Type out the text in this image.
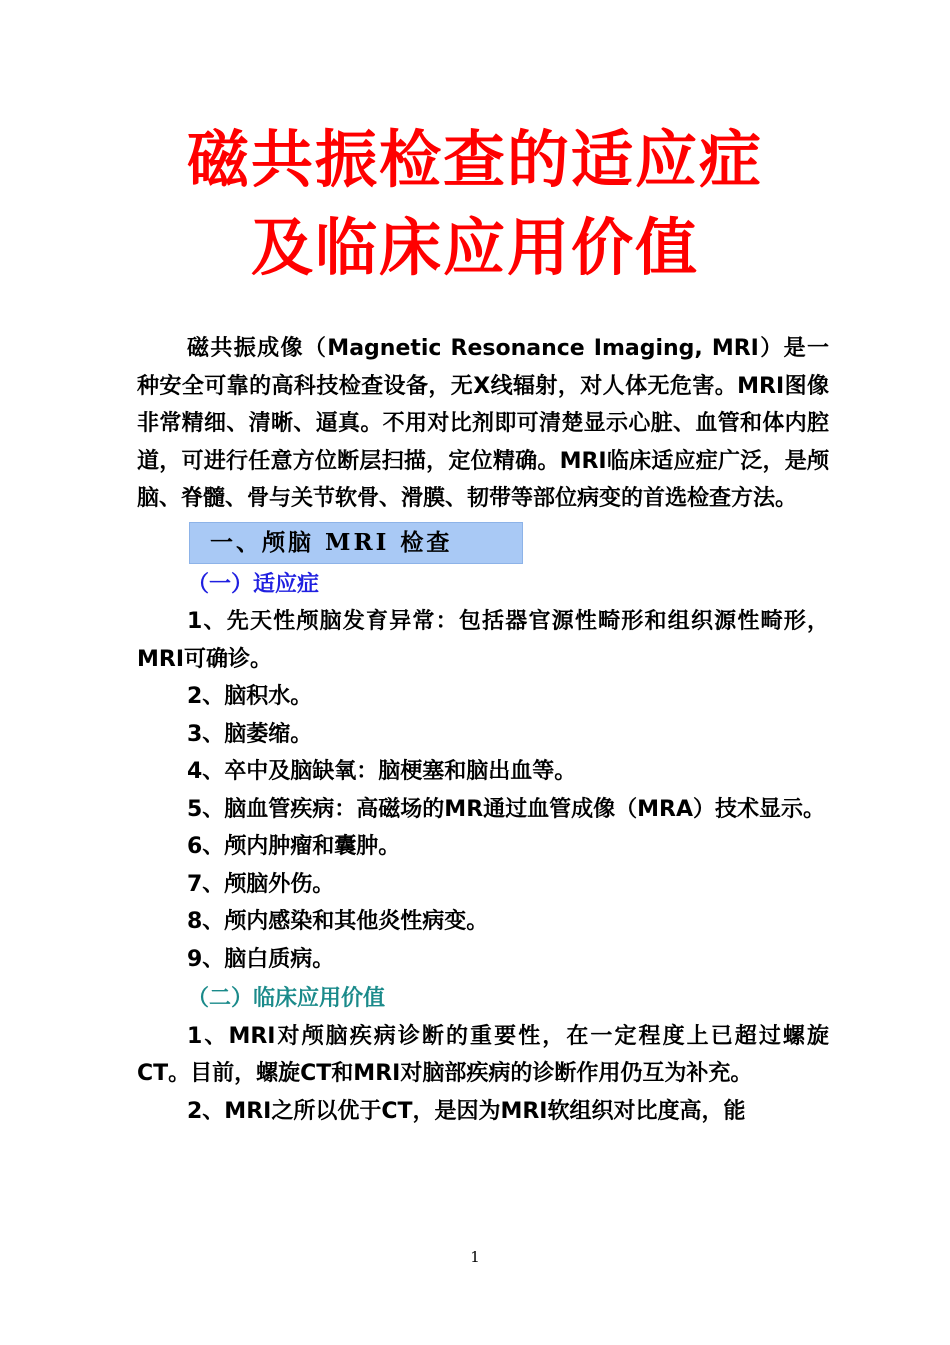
磁共振检查的适应症
及临床应用价值

磁共振成像（Magnetic Resonance Imaging, MRI）是一种安全可靠的高科技检查设备，无X线辐射，对人体无危害。MRI图像非常精细、清晰、逼真。不用对比剂即可清楚显示心脏、血管和体内腔道，可进行任意方位断层扫描，定位精确。MRI临床适应症广泛，是颅脑、脊髓、骨与关节软骨、滑膜、韧带等部位病变的首选检查方法。

一、颅脑 MRI 检查
（一）适应症

1、先天性颅脑发育异常：包括器官源性畸形和组织源性畸形，MRI可确诊。

2、脑积水。

3、脑萎缩。

4、卒中及脑缺氧：脑梗塞和脑出血等。

5、脑血管疾病：高磁场的MR通过血管成像（MRA）技术显示。

6、颅内肿瘤和囊肿。

7、颅脑外伤。

8、颅内感染和其他炎性病变。

9、脑白质病。

（二）临床应用价值

1、MRI对颅脑疾病诊断的重要性，在一定程度上已超过螺旋CT。目前，螺旋CT和MRI对脑部疾病的诊断作用仍互为补充。

2、MRI之所以优于CT，是因为MRI软组织对比度高，能

1
